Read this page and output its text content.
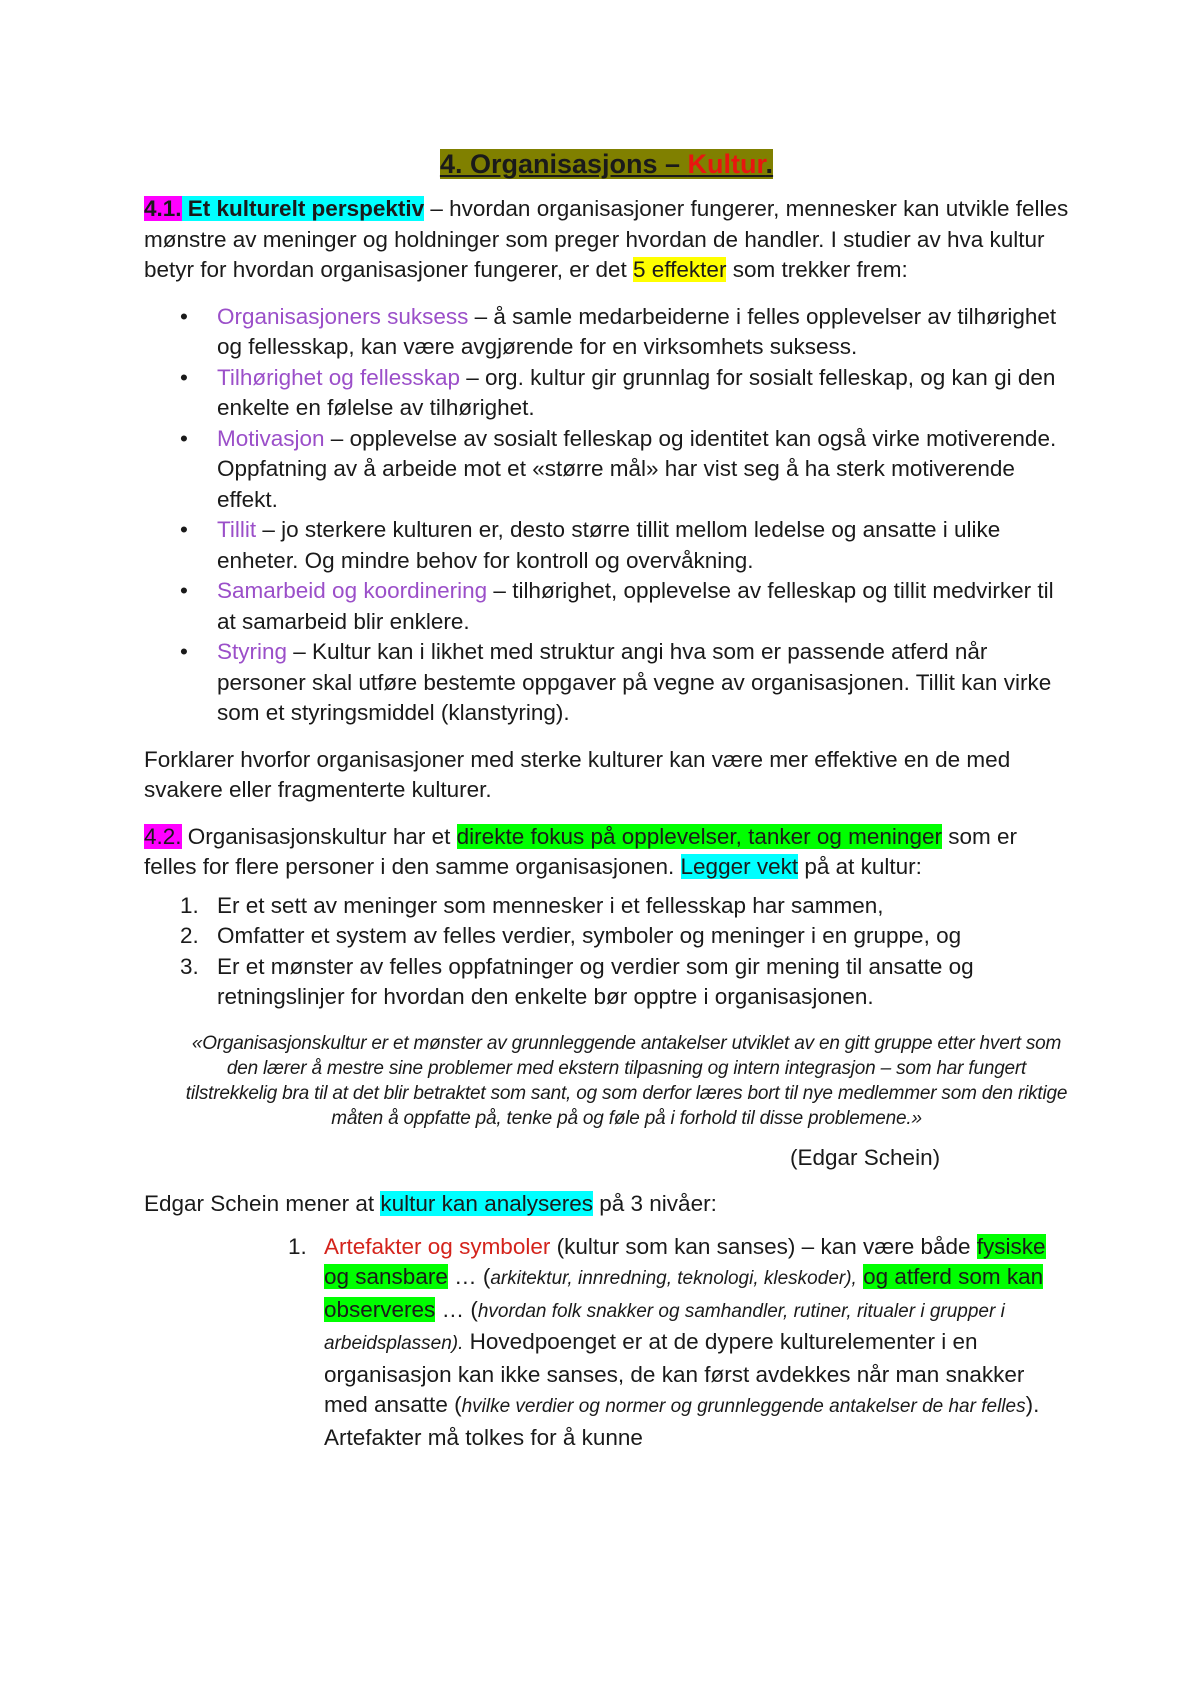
4. Organisasjons – Kultur.

4.1. Et kulturelt perspektiv – hvordan organisasjoner fungerer, mennesker kan utvikle felles mønstre av meninger og holdninger som preger hvordan de handler. I studier av hva kultur betyr for hvordan organisasjoner fungerer, er det 5 effekter som trekker frem:

• Organisasjoners suksess – å samle medarbeiderne i felles opplevelser av tilhørighet og fellesskap, kan være avgjørende for en virksomhets suksess.
• Tilhørighet og fellesskap – org. kultur gir grunnlag for sosialt felleskap, og kan gi den enkelte en følelse av tilhørighet.
• Motivasjon – opplevelse av sosialt felleskap og identitet kan også virke motiverende. Oppfatning av å arbeide mot et «større mål» har vist seg å ha sterk motiverende effekt.
• Tillit – jo sterkere kulturen er, desto større tillit mellom ledelse og ansatte i ulike enheter. Og mindre behov for kontroll og overvåkning.
• Samarbeid og koordinering – tilhørighet, opplevelse av felleskap og tillit medvirker til at samarbeid blir enklere.
• Styring – Kultur kan i likhet med struktur angi hva som er passende atferd når personer skal utføre bestemte oppgaver på vegne av organisasjonen. Tillit kan virke som et styringsmiddel (klanstyring).

Forklarer hvorfor organisasjoner med sterke kulturer kan være mer effektive en de med svakere eller fragmenterte kulturer.

4.2. Organisasjonskultur har et direkte fokus på opplevelser, tanker og meninger som er felles for flere personer i den samme organisasjonen. Legger vekt på at kultur:

1. Er et sett av meninger som mennesker i et fellesskap har sammen,
2. Omfatter et system av felles verdier, symboler og meninger i en gruppe, og
3. Er et mønster av felles oppfatninger og verdier som gir mening til ansatte og retningslinjer for hvordan den enkelte bør opptre i organisasjonen.

«Organisasjonskultur er et mønster av grunnleggende antakelser utviklet av en gitt gruppe etter hvert som den lærer å mestre sine problemer med ekstern tilpasning og intern integrasjon – som har fungert tilstrekkelig bra til at det blir betraktet som sant, og som derfor læres bort til nye medlemmer som den riktige måten å oppfatte på, tenke på og føle på i forhold til disse problemene.»

(Edgar Schein)

Edgar Schein mener at kultur kan analyseres på 3 nivåer:

1. Artefakter og symboler (kultur som kan sanses) – kan være både fysiske og sansbare … (arkitektur, innredning, teknologi, kleskoder), og atferd som kan observeres … (hvordan folk snakker og samhandler, rutiner, ritualer i grupper i arbeidsplassen). Hovedpoenget er at de dypere kulturelementer i en organisasjon kan ikke sanses, de kan først avdekkes når man snakker med ansatte (hvilke verdier og normer og grunnleggende antakelser de har felles). Artefakter må tolkes for å kunne
